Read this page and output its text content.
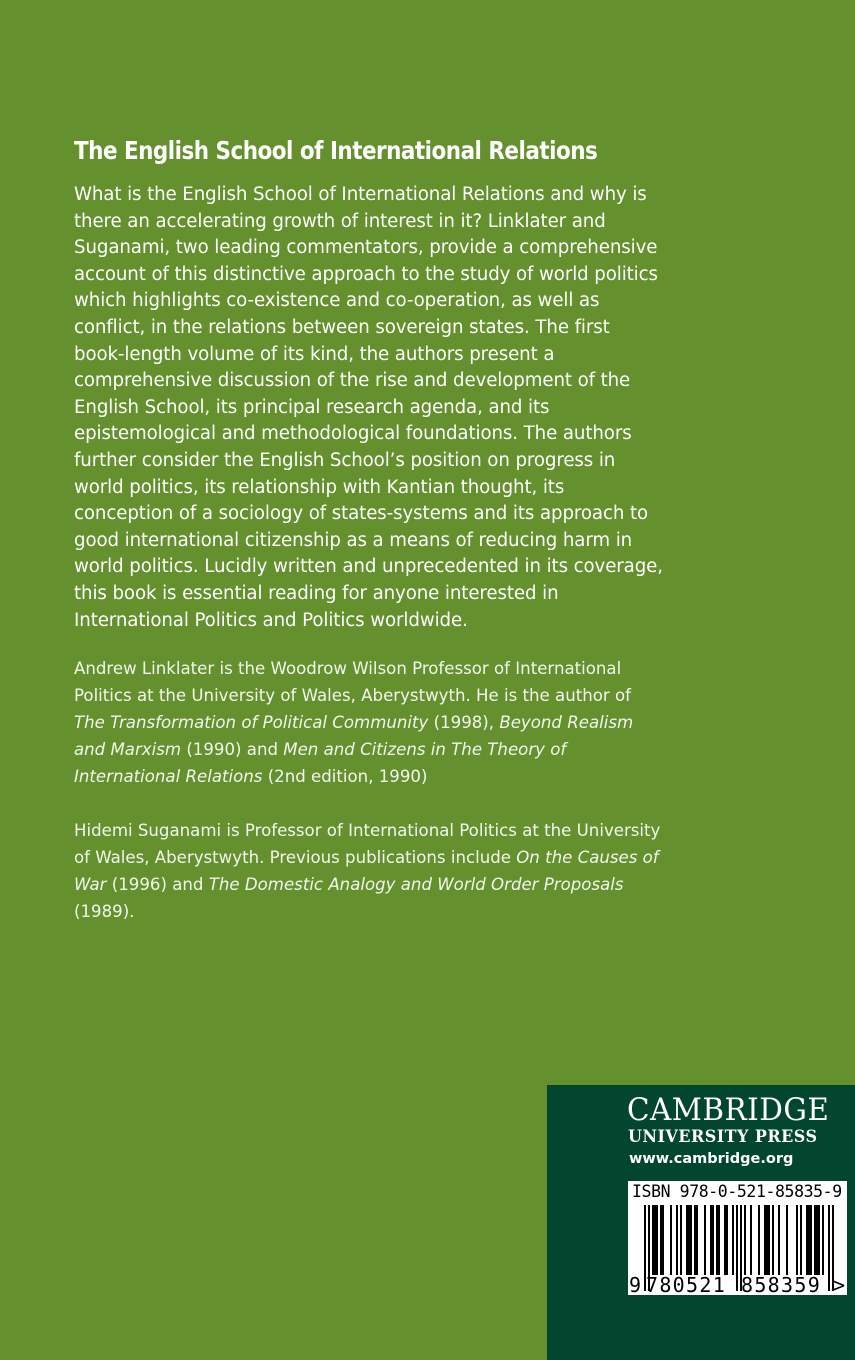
The English School of International Relations

What is the English School of International Relations and why is there an accelerating growth of interest in it? Linklater and Suganami, two leading commentators, provide a comprehensive account of this distinctive approach to the study of world politics which highlights co-existence and co-operation, as well as conflict, in the relations between sovereign states. The first book-length volume of its kind, the authors present a comprehensive discussion of the rise and development of the English School, its principal research agenda, and its epistemological and methodological foundations. The authors further consider the English School’s position on progress in world politics, its relationship with Kantian thought, its conception of a sociology of states-systems and its approach to good international citizenship as a means of reducing harm in world politics. Lucidly written and unprecedented in its coverage, this book is essential reading for anyone interested in International Politics and Politics worldwide.

Andrew Linklater is the Woodrow Wilson Professor of International Politics at the University of Wales, Aberystwyth. He is the author of The Transformation of Political Community (1998), Beyond Realism and Marxism (1990) and Men and Citizens in The Theory of International Relations (2nd edition, 1990)

Hidemi Suganami is Professor of International Politics at the University of Wales, Aberystwyth. Previous publications include On the Causes of War (1996) and The Domestic Analogy and World Order Proposals (1989).

CAMBRIDGE
UNIVERSITY PRESS
www.cambridge.org
ISBN 978-0-521-85835-9
9 780521 858359 >
